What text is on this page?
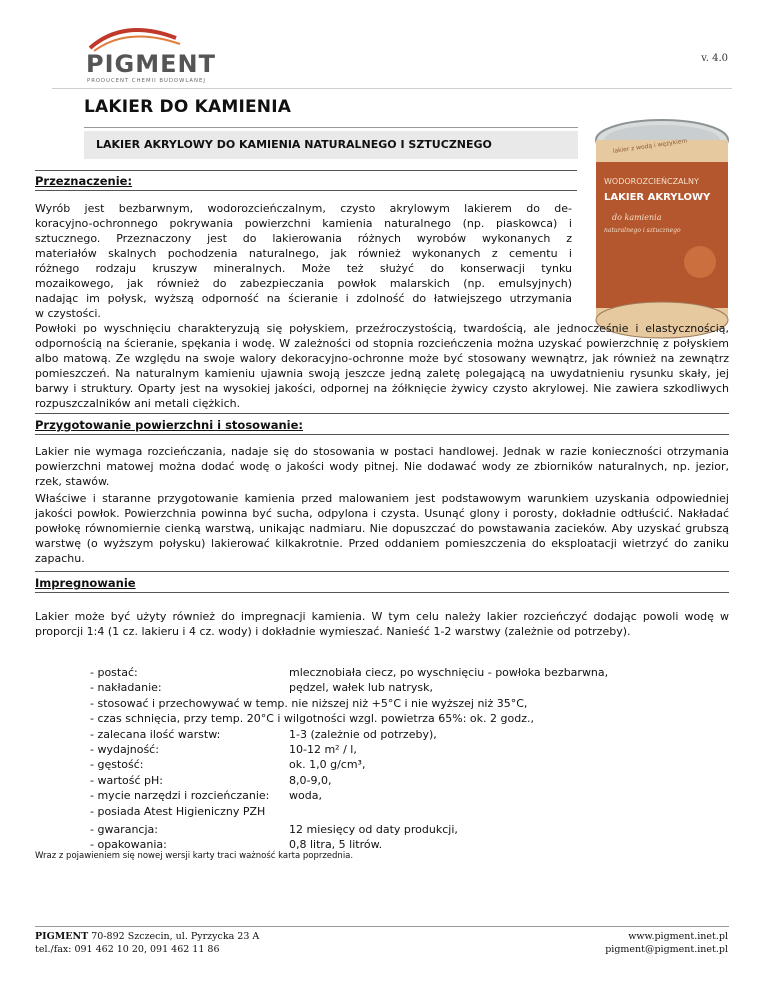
PIGMENT
PRODUCENT CHEMII BUDOWLANEJ
v. 4.0
LAKIER DO KAMIENIA
LAKIER AKRYLOWY DO KAMIENIA NATURALNEGO I SZTUCZNEGO	lakier z wodą i wężykiem
WODOROZCIEŃCZALNY
LAKIER AKRYLOWY
do kamienia
naturalnego i sztucznego
Przeznaczenie:

Wyrób jest bezbarwnym, wodorozcieńczalnym, czysto akrylowym lakierem do de-

koracyjno-ochronnego pokrywania powierzchni kamienia naturalnego (np. piaskowca) i

sztucznego. Przeznaczony jest do lakierowania różnych wyrobów wykonanych z

materiałów skalnych pochodzenia naturalnego, jak również wykonanych z cementu i

różnego rodzaju kruszyw mineralnych. Może też służyć do konserwacji tynku

mozaikowego, jak również do zabezpieczania powłok malarskich (np. emulsyjnych)

nadając im połysk, wyższą odporność na ścieranie i zdolność do łatwiejszego utrzymania

w czystości.

Powłoki po wyschnięciu charakteryzują się połyskiem, przeźroczystością, twardością, ale jednocześnie i elastycznością, odpornością na ścieranie, spękania i wodę. W zależności od stopnia rozcieńczenia można uzyskać powierzchnię z połyskiem albo matową. Ze względu na swoje walory dekoracyjno-ochronne może być stosowany wewnątrz, jak również na zewnątrz pomieszczeń. Na naturalnym kamieniu ujawnia swoją jeszcze jedną zaletę polegającą na uwydatnieniu rysunku skały, jej barwy i struktury. Oparty jest na wysokiej jakości, odpornej na żółknięcie żywicy czysto akrylowej. Nie zawiera szkodliwych rozpuszczalników ani metali ciężkich.

Przygotowanie powierzchni i stosowanie:

Lakier nie wymaga rozcieńczania, nadaje się do stosowania w postaci handlowej. Jednak w razie konieczności otrzymania powierzchni matowej można dodać wodę o jakości wody pitnej. Nie dodawać wody ze zbiorników naturalnych, np. jezior, rzek, stawów.

Właściwe i staranne przygotowanie kamienia przed malowaniem jest podstawowym warunkiem uzyskania odpowiedniej jakości powłok. Powierzchnia powinna być sucha, odpylona i czysta. Usunąć glony i porosty, dokładnie odtłuścić. Nakładać powłokę równomiernie cienką warstwą, unikając nadmiaru. Nie dopuszczać do powstawania zacieków. Aby uzyskać grubszą warstwę (o wyższym połysku) lakierować kilkakrotnie. Przed oddaniem pomieszczenia do eksploatacji wietrzyć do zaniku zapachu.

Impregnowanie

Lakier może być użyty również do impregnacji kamienia. W tym celu należy lakier rozcieńczyć dodając powoli wodę w proporcji 1:4 (1 cz. lakieru i 4 cz. wody) i dokładnie wymieszać. Nanieść 1-2 warstwy (zależnie od potrzeby).

- postać:	mlecznobiała ciecz, po wyschnięciu - powłoka bezbarwna,
- nakładanie:	pędzel, wałek lub natrysk,
- stosować i przechowywać w temp. nie niższej niż +5°C i nie wyższej niż 35°C,
- czas schnięcia, przy temp. 20°C i wilgotności wzgl. powietrza 65%: ok. 2 godz.,
- zalecana ilość warstw:	1-3 (zależnie od potrzeby),
- wydajność:	10-12 m² / l,
- gęstość:	ok. 1,0 g/cm³,
- wartość pH:	8,0-9,0,
- mycie narzędzi i rozcieńczanie: woda,
- posiada Atest Higieniczny PZH
- gwarancja:	12 miesięcy od daty produkcji,
- opakowania:	0,8 litra, 5 litrów.
Wraz z pojawieniem się nowej wersji karty traci ważność karta poprzednia.
PIGMENT 70-892 Szczecin, ul. Pyrzycka 23 A
tel./fax: 091 462 10 20, 091 462 11 86
www.pigment.inet.pl
pigment@pigment.inet.pl
